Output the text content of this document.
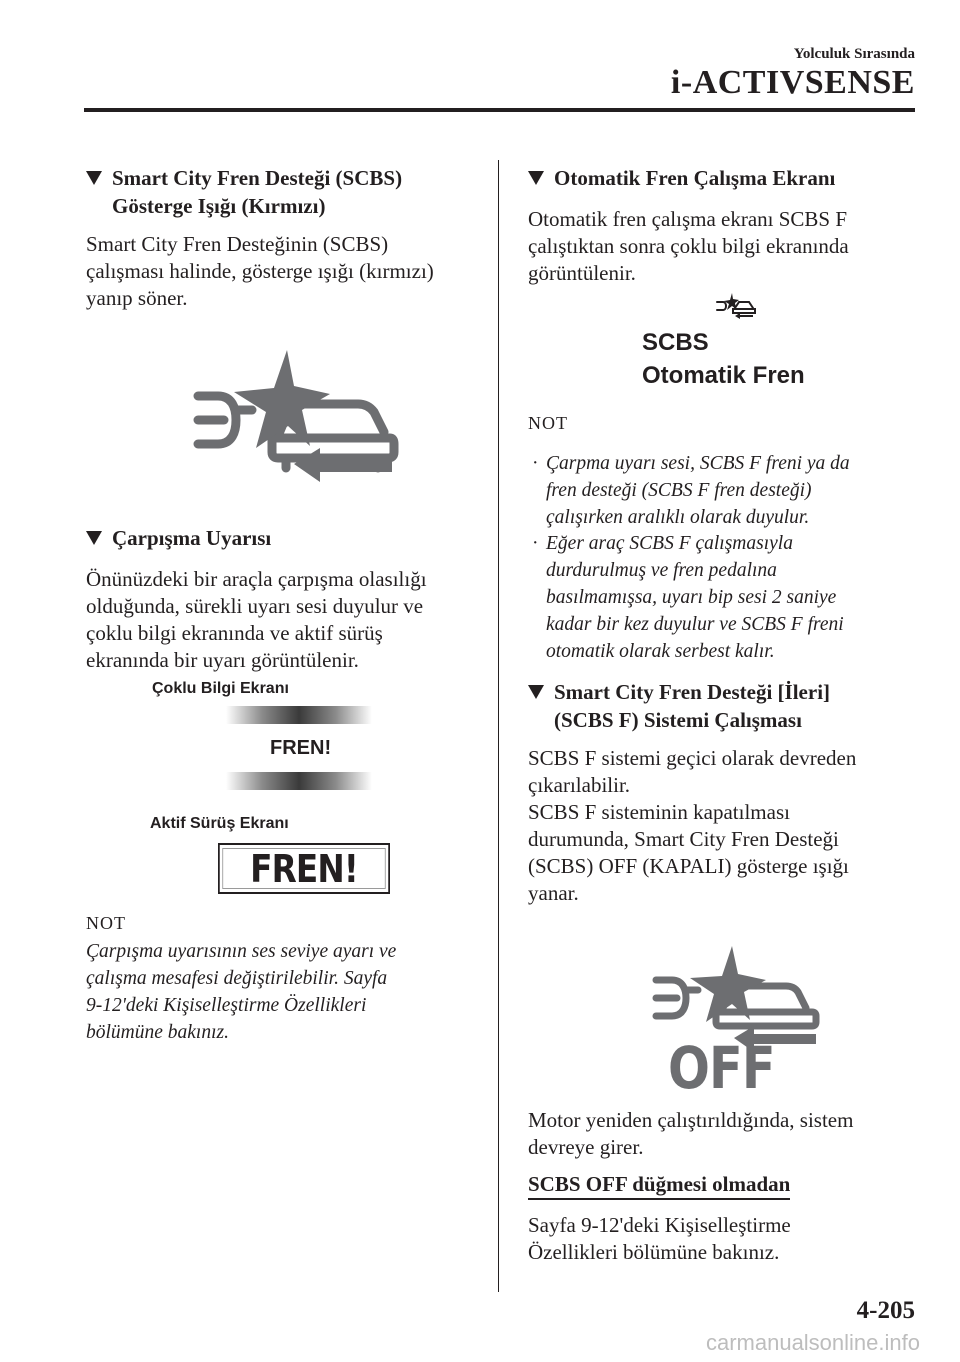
Yolculuk Sırasında
i-ACTIVSENSE
Smart City Fren Desteği (SCBS)
Gösterge Işığı (Kırmızı)
Smart City Fren Desteğinin (SCBS)
çalışması halinde, gösterge ışığı (kırmızı)
yanıp söner.
Çarpışma Uyarısı
Önünüzdeki bir araçla çarpışma olasılığı
olduğunda, sürekli uyarı sesi duyulur ve
çoklu bilgi ekranında ve aktif sürüş
ekranında bir uyarı görüntülenir.
Çoklu Bilgi Ekranı
FREN!
Aktif Sürüş Ekranı
FREN!
NOT
Çarpışma uyarısının ses seviye ayarı ve
çalışma mesafesi değiştirilebilir. Sayfa
9-12'deki Kişiselleştirme Özellikleri
bölümüne bakınız.
Otomatik Fren Çalışma Ekranı
Otomatik fren çalışma ekranı SCBS F
çalıştıktan sonra çoklu bilgi ekranında
görüntülenir.
SCBS
Otomatik Fren
NOT
· Çarpma uyarı sesi, SCBS F freni ya da
fren desteği (SCBS F fren desteği)
çalışırken aralıklı olarak duyulur.
· Eğer araç SCBS F çalışmasıyla
durdurulmuş ve fren pedalına
basılmamışsa, uyarı bip sesi 2 saniye
kadar bir kez duyulur ve SCBS F freni
otomatik olarak serbest kalır.
Smart City Fren Desteği [İleri]
(SCBS F) Sistemi Çalışması
SCBS F sistemi geçici olarak devreden
çıkarılabilir.
SCBS F sisteminin kapatılması
durumunda, Smart City Fren Desteği
(SCBS) OFF (KAPALI) gösterge ışığı
yanar.
OFF
Motor yeniden çalıştırıldığında, sistem
devreye girer.
SCBS OFF düğmesi olmadan
Sayfa 9-12'deki Kişiselleştirme
Özellikleri bölümüne bakınız.
4-205
carmanualsonline.info
